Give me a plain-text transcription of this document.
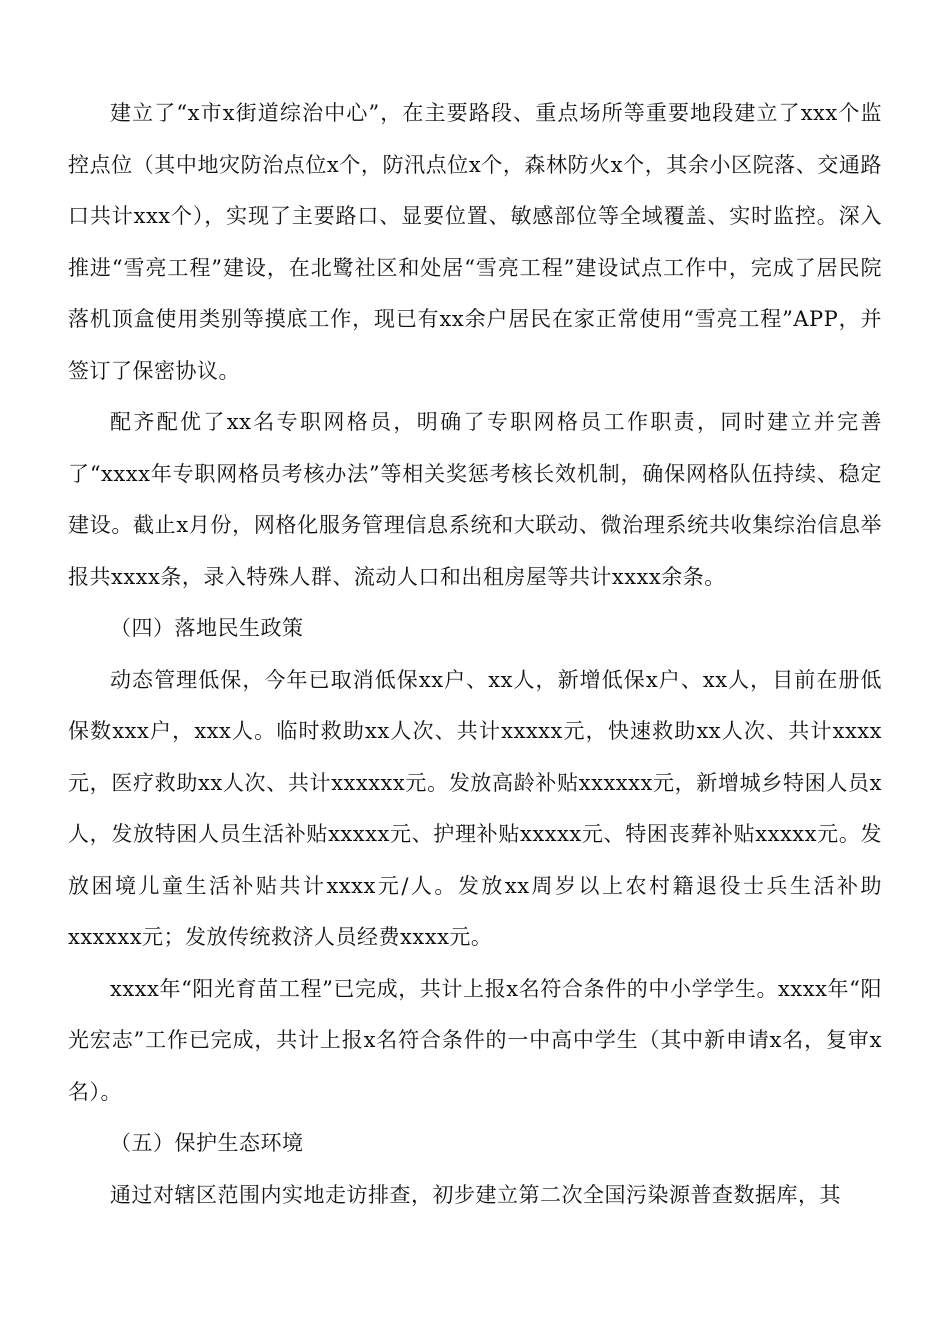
建立了“x市x街道综治中心”，在主要路段、重点场所等重要地段建立了xxx个监控点位（其中地灾防治点位x个，防汛点位x个，森林防火x个，其余小区院落、交通路口共计xxx个），实现了主要路口、显要位置、敏感部位等全域覆盖、实时监控。深入推进“雪亮工程”建设，在北鹭社区和处居“雪亮工程”建设试点工作中，完成了居民院落机顶盒使用类别等摸底工作，现已有xx余户居民在家正常使用“雪亮工程”APP，并签订了保密协议。

配齐配优了xx名专职网格员，明确了专职网格员工作职责，同时建立并完善了“xxxx年专职网格员考核办法”等相关奖惩考核长效机制，确保网格队伍持续、稳定建设。截止x月份，网格化服务管理信息系统和大联动、微治理系统共收集综治信息举报共xxxx条，录入特殊人群、流动人口和出租房屋等共计xxxx余条。

（四）落地民生政策

动态管理低保，今年已取消低保xx户、xx人，新增低保x户、xx人，目前在册低保数xxx户，xxx人。临时救助xx人次、共计xxxxx元，快速救助xx人次、共计xxxx元，医疗救助xx人次、共计xxxxxx元。发放高龄补贴xxxxxx元，新增城乡特困人员x人，发放特困人员生活补贴xxxxx元、护理补贴xxxxx元、特困丧葬补贴xxxxx元。发放困境儿童生活补贴共计xxxx元/人。发放xx周岁以上农村籍退役士兵生活补助xxxxxx元；发放传统救济人员经费xxxx元。

xxxx年“阳光育苗工程”已完成，共计上报x名符合条件的中小学学生。xxxx年“阳光宏志”工作已完成，共计上报x名符合条件的一中高中学生（其中新申请x名，复审x名）。

（五）保护生态环境

通过对辖区范围内实地走访排查，初步建立第二次全国污染源普查数据库，其
